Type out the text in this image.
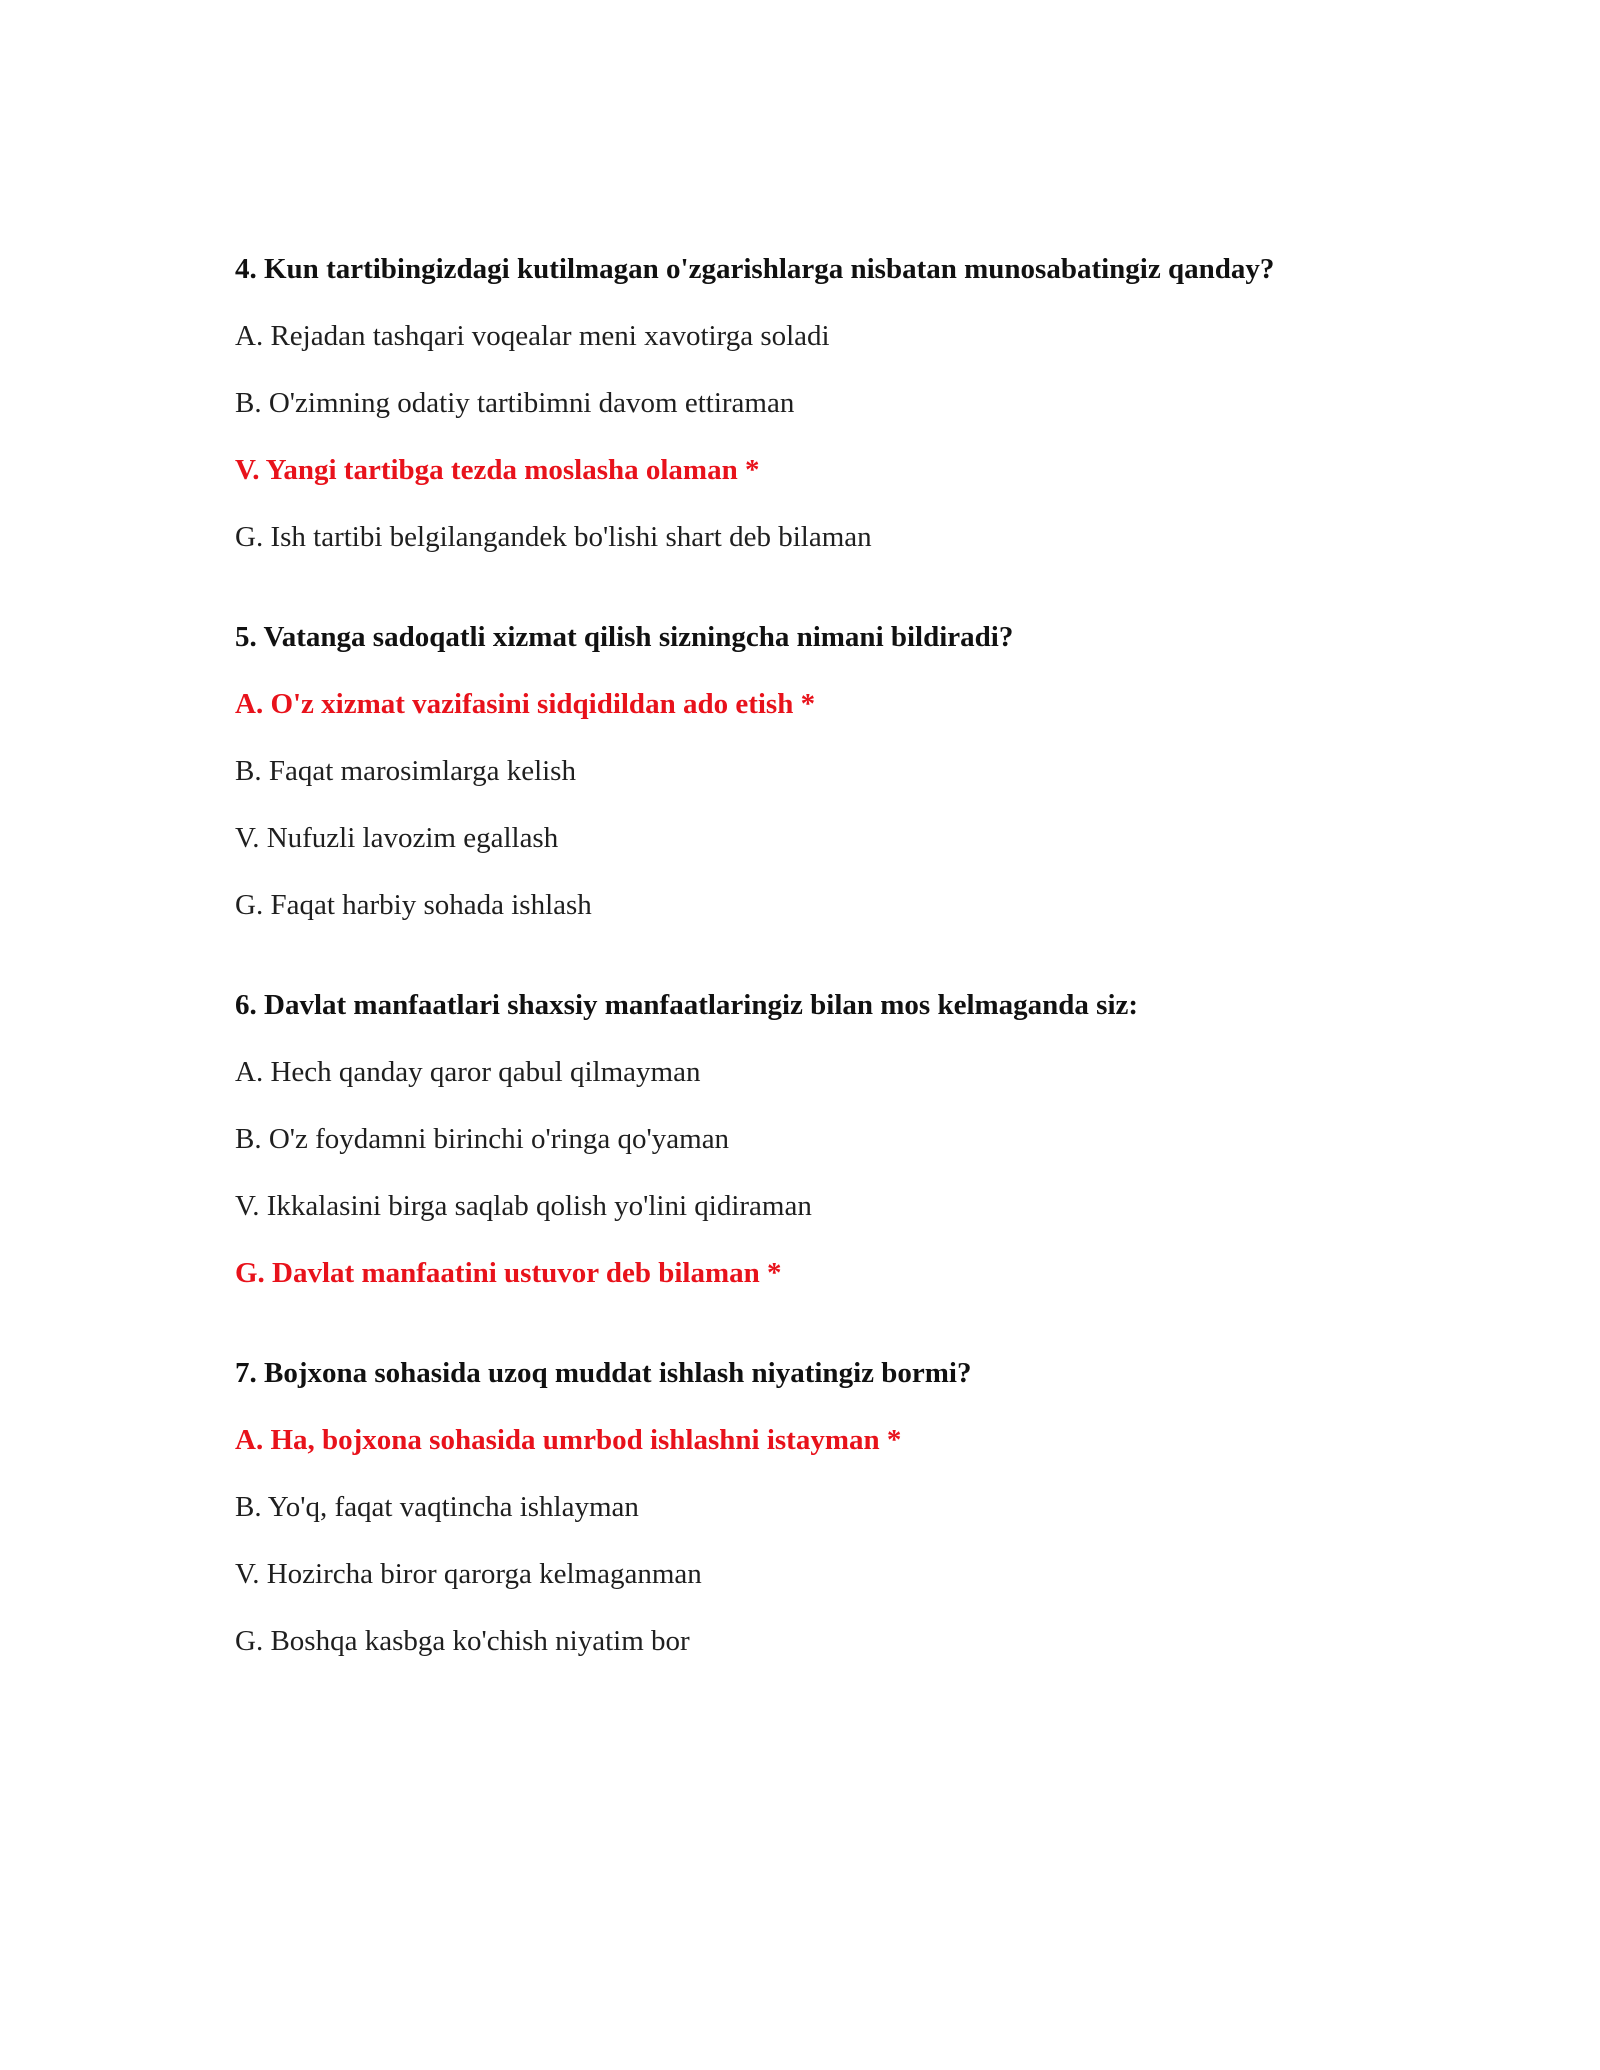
4. Kun tartibingizdagi kutilmagan o'zgarishlarga nisbatan munosabatingiz qanday?
A. Rejadan tashqari voqealar meni xavotirga soladi
B. O'zimning odatiy tartibimni davom ettiraman
V. Yangi tartibga tezda moslasha olaman *
G. Ish tartibi belgilangandek bo'lishi shart deb bilaman
5. Vatanga sadoqatli xizmat qilish sizningcha nimani bildiradi?
A. O'z xizmat vazifasini sidqidildan ado etish *
B. Faqat marosimlarga kelish
V. Nufuzli lavozim egallash
G. Faqat harbiy sohada ishlash
6. Davlat manfaatlari shaxsiy manfaatlaringiz bilan mos kelmaganda siz:
A. Hech qanday qaror qabul qilmayman
B. O'z foydamni birinchi o'ringa qo'yaman
V. Ikkalasini birga saqlab qolish yo'lini qidiraman
G. Davlat manfaatini ustuvor deb bilaman *
7. Bojxona sohasida uzoq muddat ishlash niyatingiz bormi?
A. Ha, bojxona sohasida umrbod ishlashni istayman *
B. Yo'q, faqat vaqtincha ishlayman
V. Hozircha biror qarorga kelmaganman
G. Boshqa kasbga ko'chish niyatim bor
